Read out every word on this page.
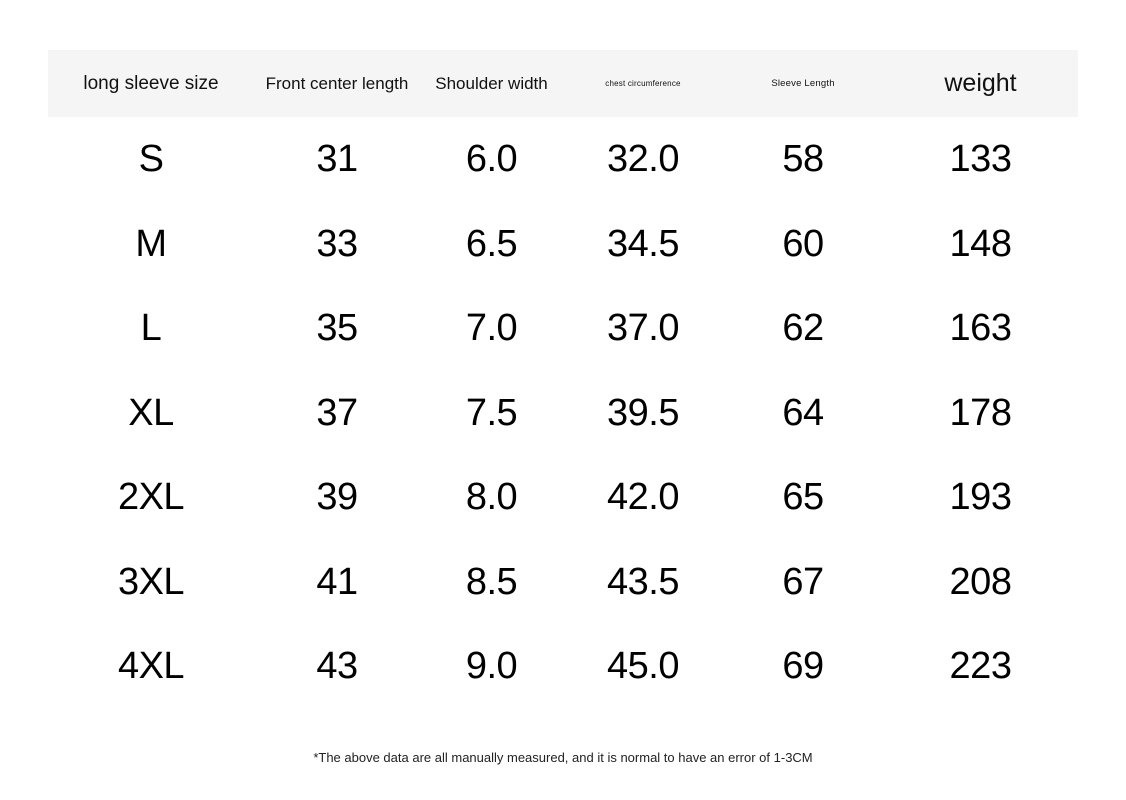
long sleeve size	Front center length	Shoulder width	chest circumference	Sleeve Length	weight
S	31	6.0	32.0	58	133
M	33	6.5	34.5	60	148
L	35	7.0	37.0	62	163
XL	37	7.5	39.5	64	178
2XL	39	8.0	42.0	65	193
3XL	41	8.5	43.5	67	208
4XL	43	9.0	45.0	69	223
*The above data are all manually measured, and it is normal to have an error of 1-3CM
